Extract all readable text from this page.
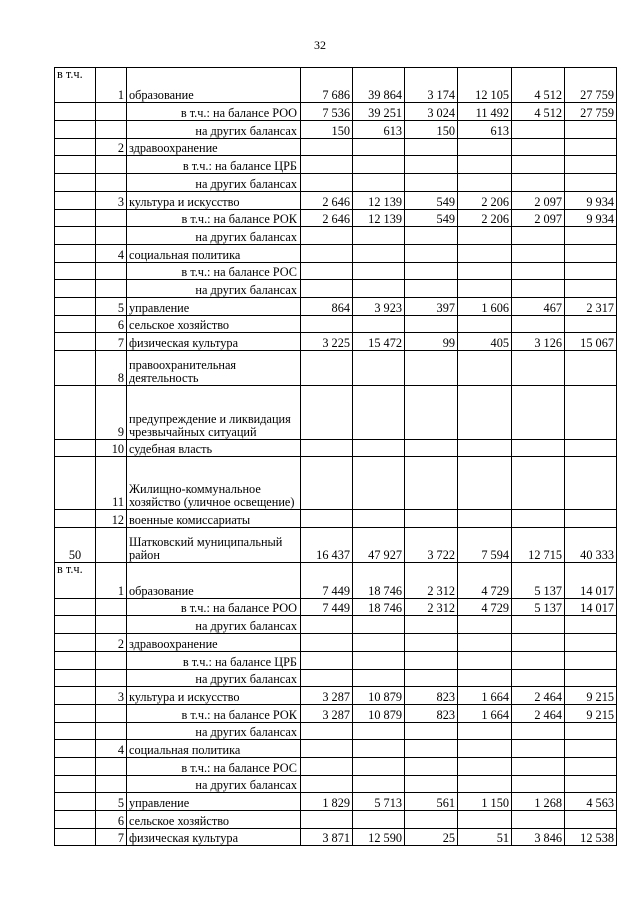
32
в т.ч.	1	образование	7 686	39 864	3 174	12 105	4 512	27 759
		в т.ч.: на балансе РОО	7 536	39 251	3 024	11 492	4 512	27 759
		на других балансах	150	613	150	613		
	2	здравоохранение						
		в т.ч.: на балансе ЦРБ						
		на других балансах						
	3	культура и искусство	2 646	12 139	549	2 206	2 097	9 934
		в т.ч.: на балансе РОК	2 646	12 139	549	2 206	2 097	9 934
		на других балансах						
	4	социальная политика						
		в т.ч.: на балансе РОС						
		на других балансах						
	5	управление	864	3 923	397	1 606	467	2 317
	6	сельское хозяйство						
	7	физическая культура	3 225	15 472	99	405	3 126	15 067
	8	правоохранительная деятельность						
	9	предупреждение и ликвидация чрезвычайных ситуаций						
	10	судебная власть						
	11	Жилищно-коммунальное хозяйство (уличное освещение)						
	12	военные комиссариаты						
50		Шатковский муниципальный район	16 437	47 927	3 722	7 594	12 715	40 333
в т.ч.	1	образование	7 449	18 746	2 312	4 729	5 137	14 017
		в т.ч.: на балансе РОО	7 449	18 746	2 312	4 729	5 137	14 017
		на других балансах						
	2	здравоохранение						
		в т.ч.: на балансе ЦРБ						
		на других балансах						
	3	культура и искусство	3 287	10 879	823	1 664	2 464	9 215
		в т.ч.: на балансе РОК	3 287	10 879	823	1 664	2 464	9 215
		на других балансах						
	4	социальная политика						
		в т.ч.: на балансе РОС						
		на других балансах						
	5	управление	1 829	5 713	561	1 150	1 268	4 563
	6	сельское хозяйство						
	7	физическая культура	3 871	12 590	25	51	3 846	12 538
